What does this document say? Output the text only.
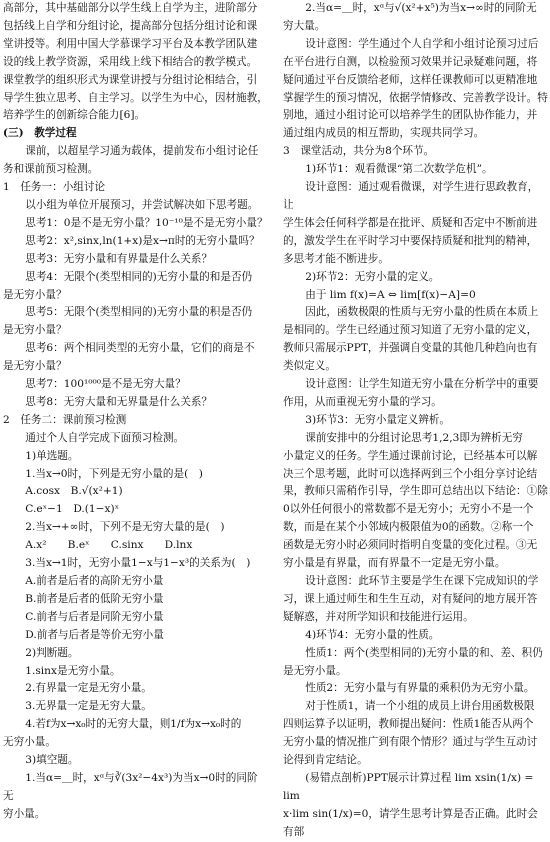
高部分，其中基础部分以学生线上自学为主，进阶部分

包括线上自学和分组讨论，提高部分包括分组讨论和课

堂讲授等。利用中国大学慕课学习平台及本教学团队建

设的线上教学资源，采用线上线下相结合的教学模式。

课堂教学的组织形式为课堂讲授与分组讨论相结合，引

导学生独立思考、自主学习。以学生为中心，因材施教，

培养学生的创新综合能力[6]。

(三)　教学过程

课前，以超星学习通为载体，提前发布小组讨论任

务和课前预习检测。

1　任务一：小组讨论

以小组为单位开展预习，并尝试解决如下思考题。

思考1：0是不是无穷小量？10⁻¹⁰是不是无穷小量？

思考2：x²,sinx,ln(1+x)是x→π时的无穷小量吗？

思考3：无穷小量和有界量是什么关系？

思考4：无限个(类型相同的)无穷小量的和是否仍

是无穷小量？

思考5：无限个(类型相同的)无穷小量的积是否仍

是无穷小量？

思考6：两个相同类型的无穷小量，它们的商是不

是无穷小量？

思考7：100¹⁰⁰⁰是不是无穷大量？

思考8：无穷大量和无界量是什么关系？

2　任务二：课前预习检测

通过个人自学完成下面预习检测。

1)单选题。

1.当x→0时，下列是无穷小量的是(　)

A.cosx　B.√(x²+1)

C.eˣ−1　D.(1−x)ˣ

2.当x→+∞时，下列不是无穷大量的是(　)

A.x²　　B.eˣ　　C.sinx　　D.lnx

3.当x→1时，无穷小量1−x与1−x³的关系为(　)

A.前者是后者的高阶无穷小量

B.前者是后者的低阶无穷小量

C.前者与后者是同阶无穷小量

D.前者与后者是等价无穷小量

2)判断题。

1.sinx是无穷小量。

2.有界量一定是无穷小量。

3.无界量一定是无穷大量。

4.若f为x→x₀时的无穷大量，则1/f为x→x₀时的

无穷小量。

3)填空题。

1.当α=＿时，xᵅ与∛(3x²−4x³)为当x→0时的同阶无

穷小量。

2.当α=＿时，xᵅ与√(x²+x⁵)为当x→∞时的同阶无

穷大量。

设计意图：学生通过个人自学和小组讨论预习过后

在平台进行自测，以检验预习效果并记录疑难问题，将

疑问通过平台反馈给老师，这样任课教师可以更精准地

掌握学生的预习情况，依据学情修改、完善教学设计。特

别地，通过小组讨论可以培养学生的团队协作能力，并

通过组内成员的相互帮助，实现共同学习。

3　课堂活动，共分为8个环节。

1)环节1：观看微课“第二次数学危机”。

设计意图：通过观看微课，对学生进行思政教育，让

学生体会任何科学都是在批评、质疑和否定中不断前进

的，激发学生在平时学习中要保持质疑和批判的精神，

多思考才能不断进步。

2)环节2：无穷小量的定义。

由于 lim f(x)=A ⇔ lim[f(x)−A]=0

因此，函数极限的性质与无穷小量的性质在本质上

是相同的。学生已经通过预习知道了无穷小量的定义，

教师只需展示PPT，并强调自变量的其他几种趋向也有

类似定义。

设计意图：让学生知道无穷小量在分析学中的重要

作用，从而重视无穷小量的学习。

3)环节3：无穷小量定义辨析。

课前安排中的分组讨论思考1,2,3即为辨析无穷

小量定义的任务。学生通过课前讨论，已经基本可以解

决三个思考题，此时可以选择两到三个小组分享讨论结

果，教师只需稍作引导，学生即可总结出以下结论：①除

0以外任何很小的常数都不是无穷小；无穷小不是一个

数，而是在某个小邻域内极限值为0的函数。②称一个

函数是无穷小时必须同时指明自变量的变化过程。③无

穷小量是有界量，而有界量不一定是无穷小量。

设计意图：此环节主要是学生在课下完成知识的学

习，课上通过师生和生生互动，对有疑问的地方展开答

疑解惑，并对所学知识和技能进行运用。

4)环节4：无穷小量的性质。

性质1：两个(类型相同的)无穷小量的和、差、积仍

是无穷小量。

性质2：无穷小量与有界量的乘积仍为无穷小量。

对于性质1，请一个小组的成员上讲台用函数极限

四则运算予以证明，教师提出疑问：性质1能否从两个

无穷小量的情况推广到有限个情形？通过与学生互动讨

论得到肯定结论。

(易错点剖析)PPT展示计算过程 lim xsin(1/x) = lim

x·lim sin(1/x)=0，请学生思考计算是否正确。此时会有部
